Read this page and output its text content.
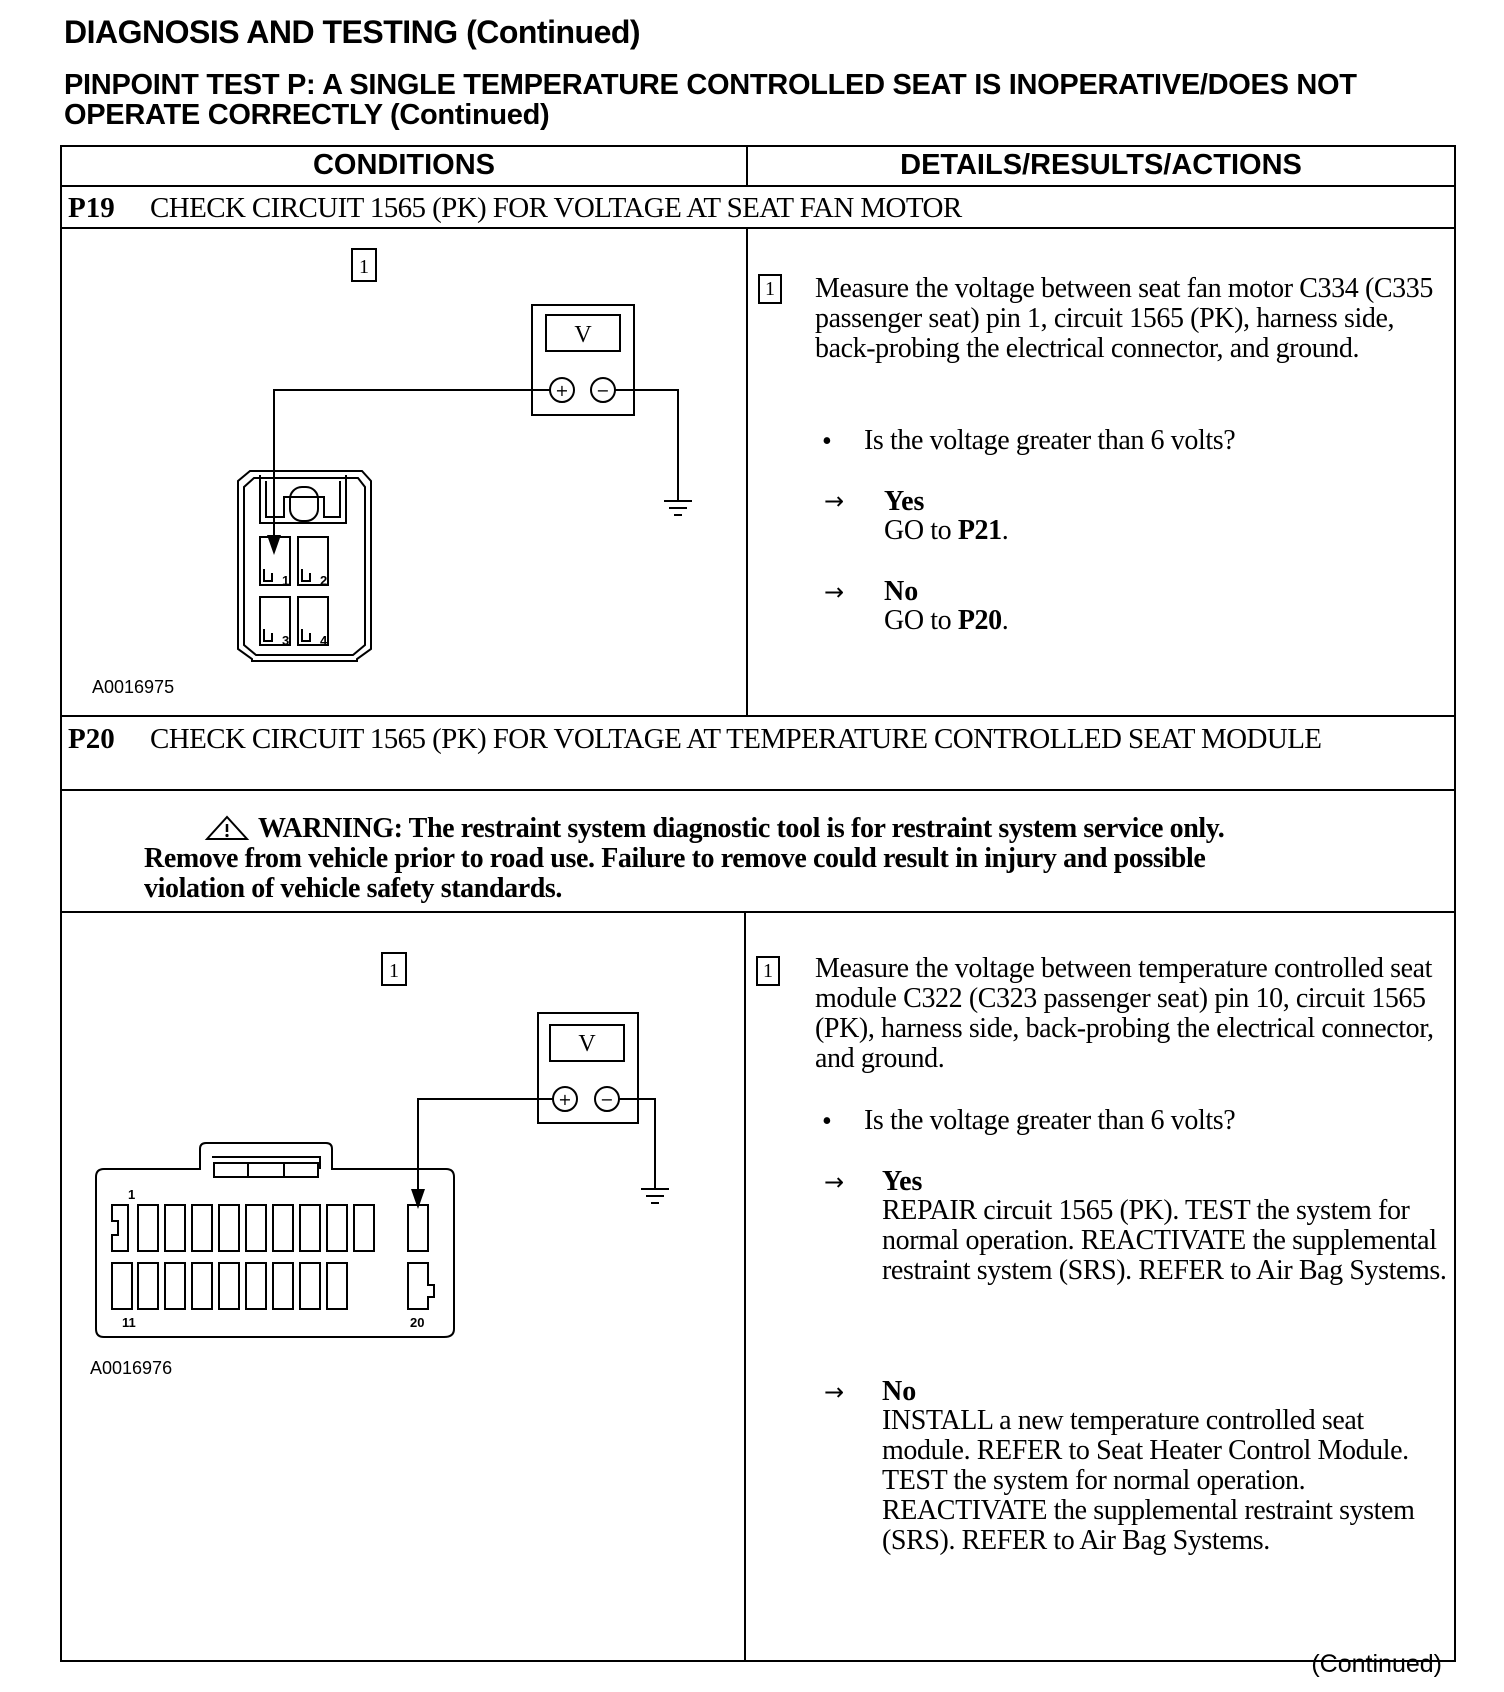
DIAGNOSIS AND TESTING (Continued)
PINPOINT TEST P: A SINGLE TEMPERATURE CONTROLLED SEAT IS INOPERATIVE/DOES NOT OPERATE CORRECTLY (Continued)
CONDITIONS	DETAILS/RESULTS/ACTIONS
P19 CHECK CIRCUIT 1565 (PK) FOR VOLTAGE AT SEAT FAN MOTOR
1
V
+ −
1 2
3 4
A0016975
1 Measure the voltage between seat fan motor C334 (C335 passenger seat) pin 1, circuit 1565 (PK), harness side, back-probing the electrical connector, and ground.
• Is the voltage greater than 6 volts?
→ Yes
GO to P21.
→ No
GO to P20.
P20 CHECK CIRCUIT 1565 (PK) FOR VOLTAGE AT TEMPERATURE CONTROLLED SEAT MODULE
WARNING: The restraint system diagnostic tool is for restraint system service only.
Remove from vehicle prior to road use. Failure to remove could result in injury and possible
violation of vehicle safety standards.
1
V
+ −
1
11	20
A0016976
1 Measure the voltage between temperature controlled seat module C322 (C323 passenger seat) pin 10, circuit 1565 (PK), harness side, back-probing the electrical connector, and ground.
• Is the voltage greater than 6 volts?
→ Yes
REPAIR circuit 1565 (PK). TEST the system for normal operation. REACTIVATE the supplemental restraint system (SRS). REFER to Air Bag Systems.
→ No
INSTALL a new temperature controlled seat module. REFER to Seat Heater Control Module. TEST the system for normal operation. REACTIVATE the supplemental restraint system (SRS). REFER to Air Bag Systems.
(Continued)
